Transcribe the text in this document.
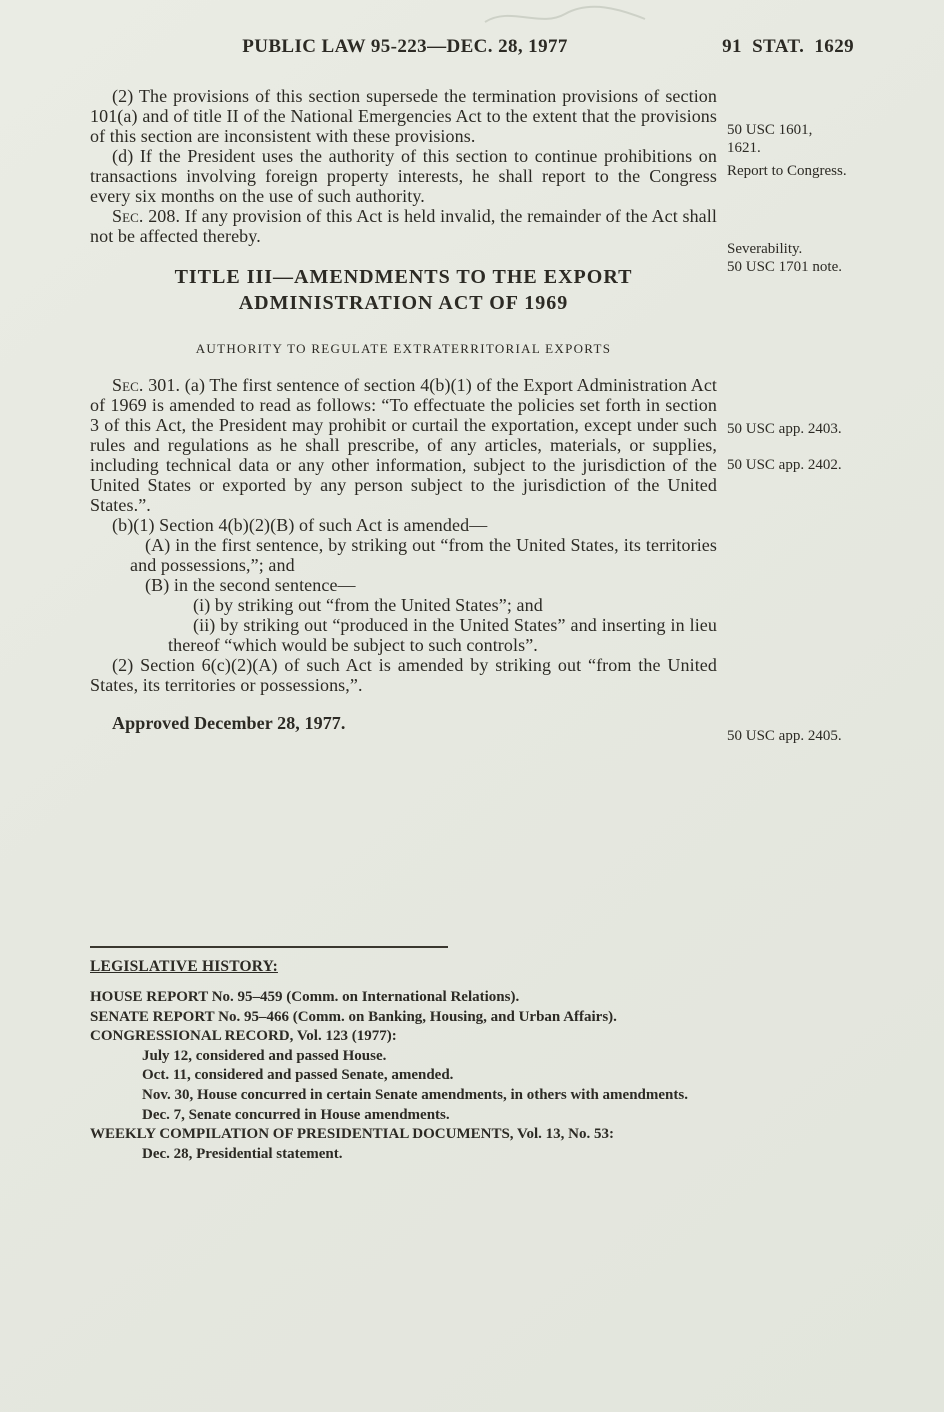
PUBLIC LAW 95-223—DEC. 28, 1977	91 STAT. 1629

(2) The provisions of this section supersede the termination provisions of section 101(a) and of title II of the National Emergencies Act to the extent that the provisions of this section are inconsistent with these provisions.

(d) If the President uses the authority of this section to continue prohibitions on transactions involving foreign property interests, he shall report to the Congress every six months on the use of such authority.

Sec. 208. If any provision of this Act is held invalid, the remainder of the Act shall not be affected thereby.

TITLE III—AMENDMENTS TO THE EXPORT

ADMINISTRATION ACT OF 1969

AUTHORITY TO REGULATE EXTRATERRITORIAL EXPORTS

Sec. 301. (a) The first sentence of section 4(b)(1) of the Export Administration Act of 1969 is amended to read as follows: “To effectuate the policies set forth in section 3 of this Act, the President may prohibit or curtail the exportation, except under such rules and regulations as he shall prescribe, of any articles, materials, or supplies, including technical data or any other information, subject to the jurisdiction of the United States or exported by any person subject to the jurisdiction of the United States.”.

(b)(1) Section 4(b)(2)(B) of such Act is amended—

(A) in the first sentence, by striking out “from the United States, its territories and possessions,”; and

(B) in the second sentence—

(i) by striking out “from the United States”; and

(ii) by striking out “produced in the United States” and inserting in lieu thereof “which would be subject to such controls”.

(2) Section 6(c)(2)(A) of such Act is amended by striking out “from the United States, its territories or possessions,”.

Approved December 28, 1977.

50 USC 1601, 1621.
Report to Congress.
Severability.
50 USC 1701 note.
50 USC app. 2403.
50 USC app. 2402.
50 USC app. 2405.
LEGISLATIVE HISTORY:
HOUSE REPORT No. 95–459 (Comm. on International Relations).
SENATE REPORT No. 95–466 (Comm. on Banking, Housing, and Urban Affairs).
CONGRESSIONAL RECORD, Vol. 123 (1977):
July 12, considered and passed House.
Oct. 11, considered and passed Senate, amended.
Nov. 30, House concurred in certain Senate amendments, in others with amendments.
Dec. 7, Senate concurred in House amendments.
WEEKLY COMPILATION OF PRESIDENTIAL DOCUMENTS, Vol. 13, No. 53:
Dec. 28, Presidential statement.
